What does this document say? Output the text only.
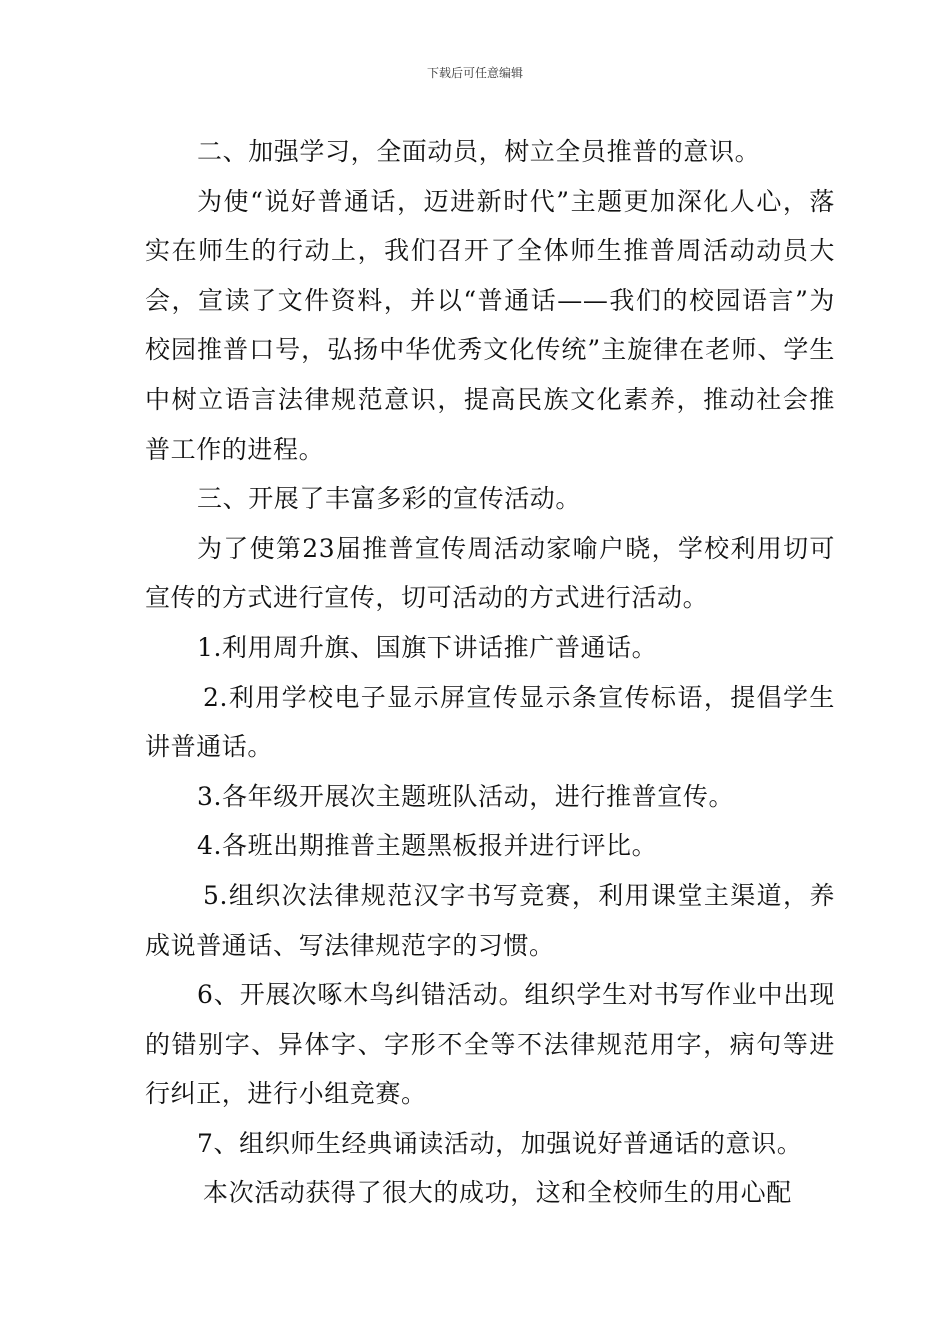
下载后可任意编辑

二、加强学习，全面动员，树立全员推普的意识。

为使“说好普通话，迈进新时代”主题更加深化人心，落实在师生的行动上，我们召开了全体师生推普周活动动员大会，宣读了文件资料，并以“普通话——我们的校园语言”为校园推普口号，弘扬中华优秀文化传统”主旋律在老师、学生中树立语言法律规范意识，提高民族文化素养，推动社会推普工作的进程。

三、开展了丰富多彩的宣传活动。

为了使第23届推普宣传周活动家喻户晓，学校利用切可宣传的方式进行宣传，切可活动的方式进行活动。

1.利用周升旗、国旗下讲话推广普通话。

2.利用学校电子显示屏宣传显示条宣传标语，提倡学生讲普通话。

3.各年级开展次主题班队活动，进行推普宣传。

4.各班出期推普主题黑板报并进行评比。

5.组织次法律规范汉字书写竞赛，利用课堂主渠道，养成说普通话、写法律规范字的习惯。

6、开展次啄木鸟纠错活动。组织学生对书写作业中出现的错别字、异体字、字形不全等不法律规范用字，病句等进行纠正，进行小组竞赛。

7、组织师生经典诵读活动，加强说好普通话的意识。

本次活动获得了很大的成功，这和全校师生的用心配
